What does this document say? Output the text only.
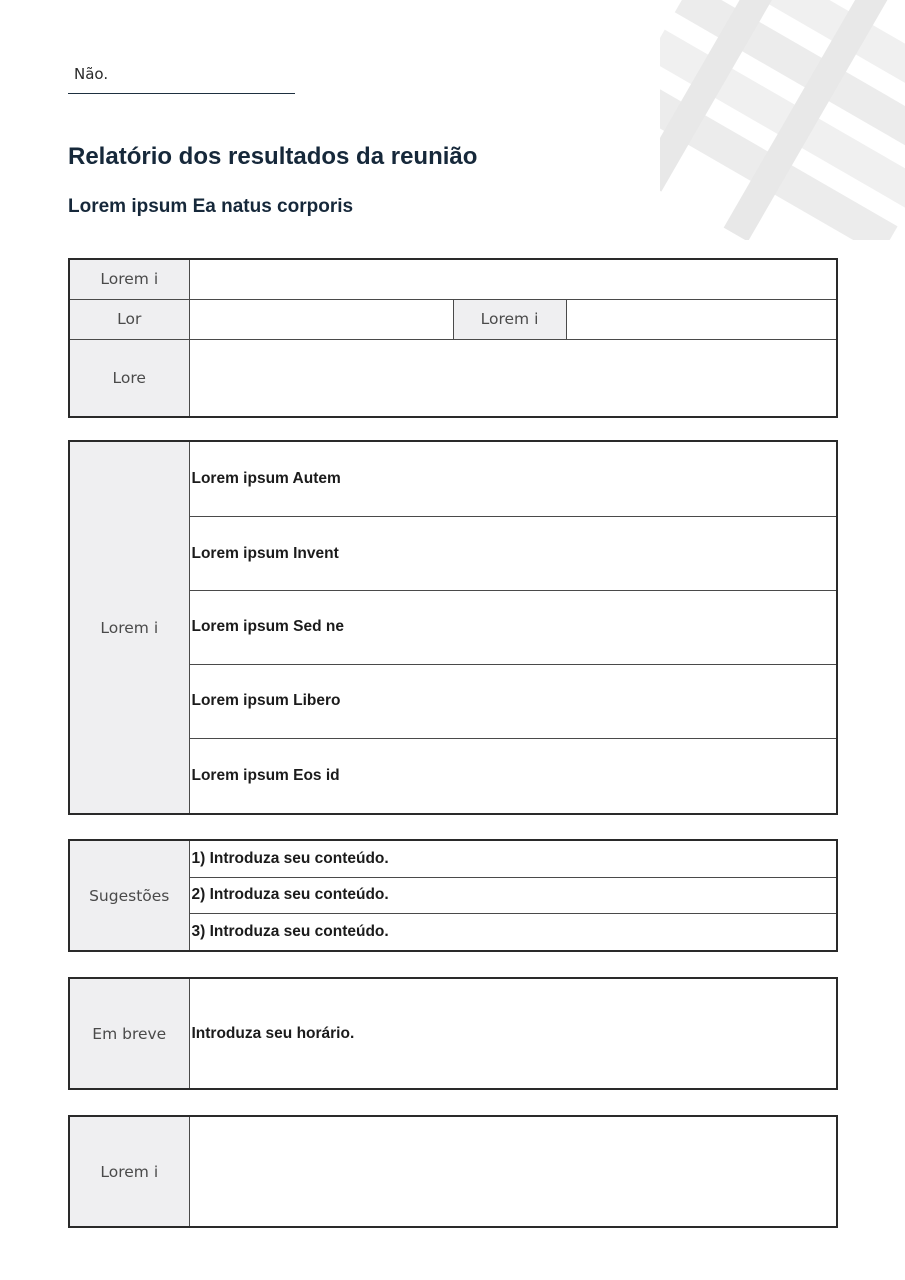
Não.
Relatório dos resultados da reunião
Lorem ipsum Ea natus corporis
Lorem i			
Lor		Lorem i	
Lore			
Lorem i	Lorem ipsum Autem
Lorem ipsum Invent
Lorem ipsum Sed ne
Lorem ipsum Libero
Lorem ipsum Eos id
Sugestões	1) Introduza seu conteúdo.
2) Introduza seu conteúdo.
3) Introduza seu conteúdo.
Em breve	Introduza seu horário.
Lorem i	
